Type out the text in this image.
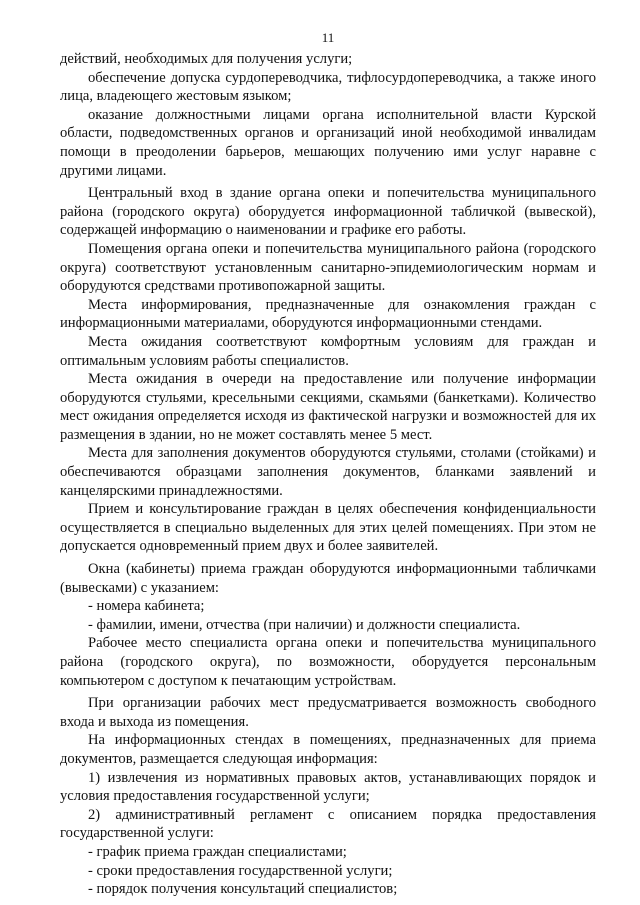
11

действий, необходимых для получения услуги;

обеспечение допуска сурдопереводчика, тифлосурдопереводчика, а также иного лица, владеющего жестовым языком;

оказание должностными лицами органа исполнительной власти Курской области, подведомственных органов и организаций иной необходимой инвалидам помощи в преодолении барьеров, мешающих получению ими услуг наравне с другими лицами.

Центральный вход в здание органа опеки и попечительства муниципального района (городского округа) оборудуется информационной табличкой (вывеской), содержащей информацию о наименовании и графике его работы.

Помещения органа опеки и попечительства муниципального района (городского округа) соответствуют установленным санитарно-эпидемиологическим нормам и оборудуются средствами противопожарной защиты.

Места информирования, предназначенные для ознакомления граждан с информационными материалами, оборудуются информационными стендами.

Места ожидания соответствуют комфортным условиям для граждан и оптимальным условиям работы специалистов.

Места ожидания в очереди на предоставление или получение информации оборудуются стульями, кресельными секциями, скамьями (банкетками). Количество мест ожидания определяется исходя из фактической нагрузки и возможностей для их размещения в здании, но не может составлять менее 5 мест.

Места для заполнения документов оборудуются стульями, столами (стойками) и обеспечиваются образцами заполнения документов, бланками заявлений и канцелярскими принадлежностями.

Прием и консультирование граждан в целях обеспечения конфиденциальности осуществляется в специально выделенных для этих целей помещениях. При этом не допускается одновременный прием двух и более заявителей.

Окна (кабинеты) приема граждан оборудуются информационными табличками (вывесками) с указанием:

- номера кабинета;

- фамилии, имени, отчества (при наличии) и должности специалиста.

Рабочее место специалиста органа опеки и попечительства муниципального района (городского округа), по возможности, оборудуется персональным компьютером с доступом к печатающим устройствам.

При организации рабочих мест предусматривается возможность свободного входа и выхода из помещения.

На информационных стендах в помещениях, предназначенных для приема документов, размещается следующая информация:

1) извлечения из нормативных правовых актов, устанавливающих порядок и условия предоставления государственной услуги;

2) административный регламент с описанием порядка предоставления государственной услуги:

- график приема граждан специалистами;

- сроки предоставления государственной услуги;

- порядок получения консультаций специалистов;
